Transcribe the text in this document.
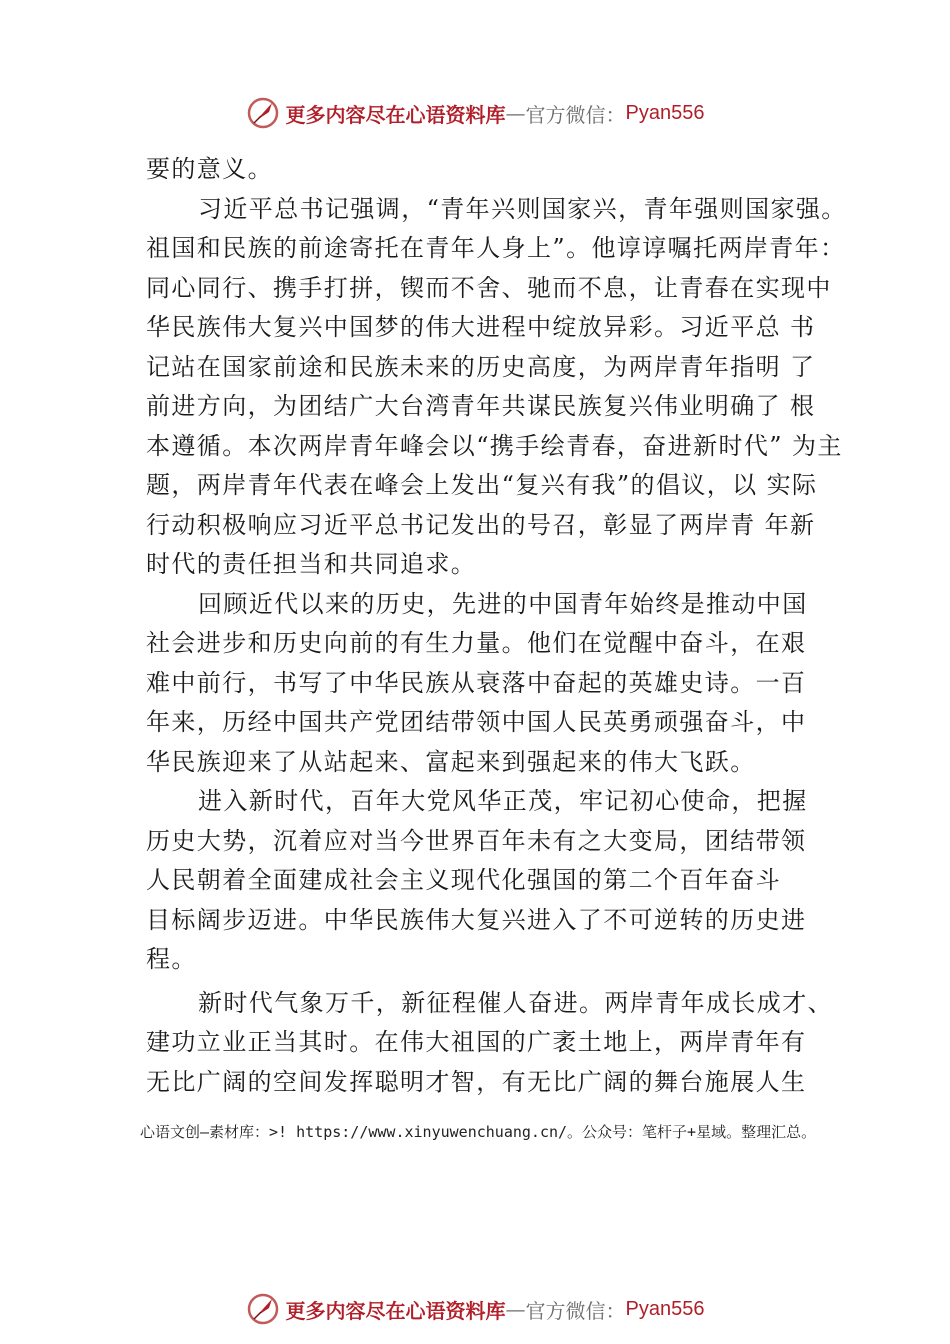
更多内容尽在心语资料库 — 官方微信： Pyan556
要的意义。
习近平总书记强调，“青年兴则国家兴，青年强则国家强。
祖国和民族的前途寄托在青年人身上”。他谆谆嘱托两岸青年：
同心同行、携手打拼，锲而不舍、驰而不息，让青春在实现中
华民族伟大复兴中国梦的伟大进程中绽放异彩。习近平总 书
记站在国家前途和民族未来的历史高度，为两岸青年指明 了
前进方向，为团结广大台湾青年共谋民族复兴伟业明确了 根
本遵循。本次两岸青年峰会以“携手绘青春，奋进新时代” 为主
题，两岸青年代表在峰会上发出“复兴有我”的倡议，以 实际
行动积极响应习近平总书记发出的号召，彰显了两岸青 年新
时代的责任担当和共同追求。
回顾近代以来的历史，先进的中国青年始终是推动中国
社会进步和历史向前的有生力量。他们在觉醒中奋斗，在艰
难中前行，书写了中华民族从衰落中奋起的英雄史诗。一百
年来，历经中国共产党团结带领中国人民英勇顽强奋斗，中
华民族迎来了从站起来、富起来到强起来的伟大飞跃。
进入新时代，百年大党风华正茂，牢记初心使命，把握
历史大势，沉着应对当今世界百年未有之大变局，团结带领
人民朝着全面建成社会主义现代化强国的第二个百年奋斗
目标阔步迈进。中华民族伟大复兴进入了不可逆转的历史进
程。
新时代气象万千，新征程催人奋进。两岸青年成长成才、
建功立业正当其时。在伟大祖国的广袤土地上，两岸青年有
无比广阔的空间发挥聪明才智，有无比广阔的舞台施展人生
心语文创—素材库：>! https://www.xinyuwenchuang.cn/。公众号：笔杆子+星域。整理汇总。
更多内容尽在心语资料库 — 官方微信： Pyan556
